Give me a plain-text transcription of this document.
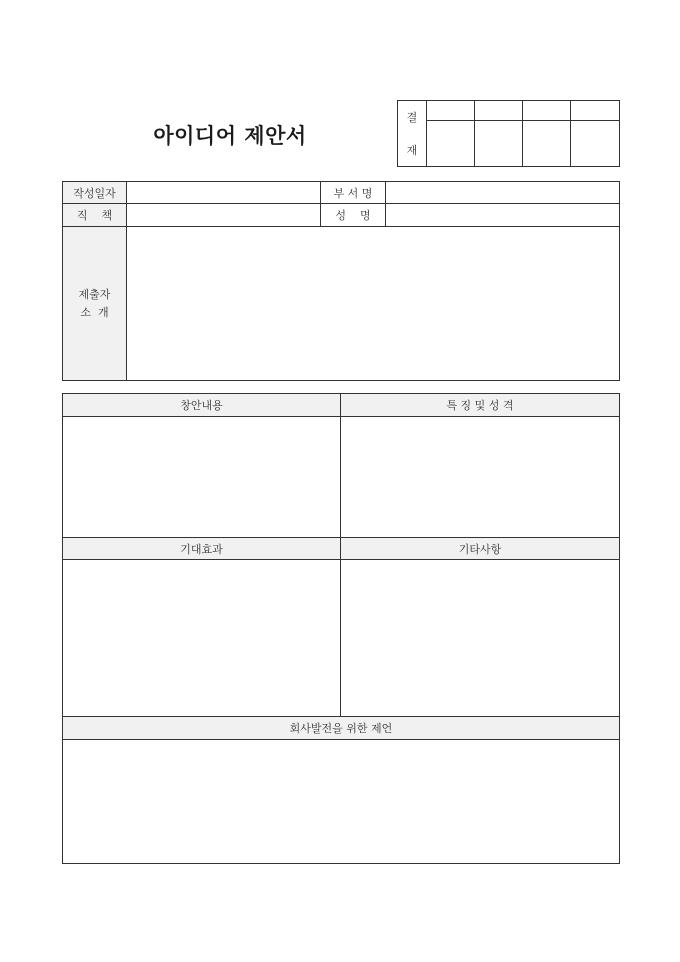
아이디어 제안서
결
재				

작성일자		부 서 명	
직    책		성    명	

제출자
소  개			

창안내용	특 징 및 성 격

기대효과	기타사항

회사발전을 위한 제언	
